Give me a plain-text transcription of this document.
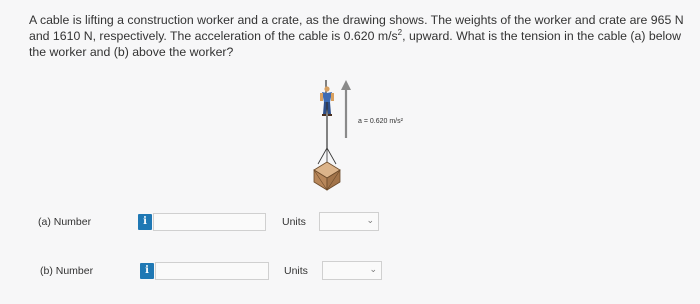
A cable is lifting a construction worker and a crate, as the drawing shows. The weights of the worker and crate are 965 N and 1610 N, respectively. The acceleration of the cable is 0.620 $m/s^2$, upward. What is the tension in the cable (a) below the worker and (b) above the worker?
a = 0.620 m/s²
(a) Number	i	Units	⌄
(b) Number	i	Units	⌄
